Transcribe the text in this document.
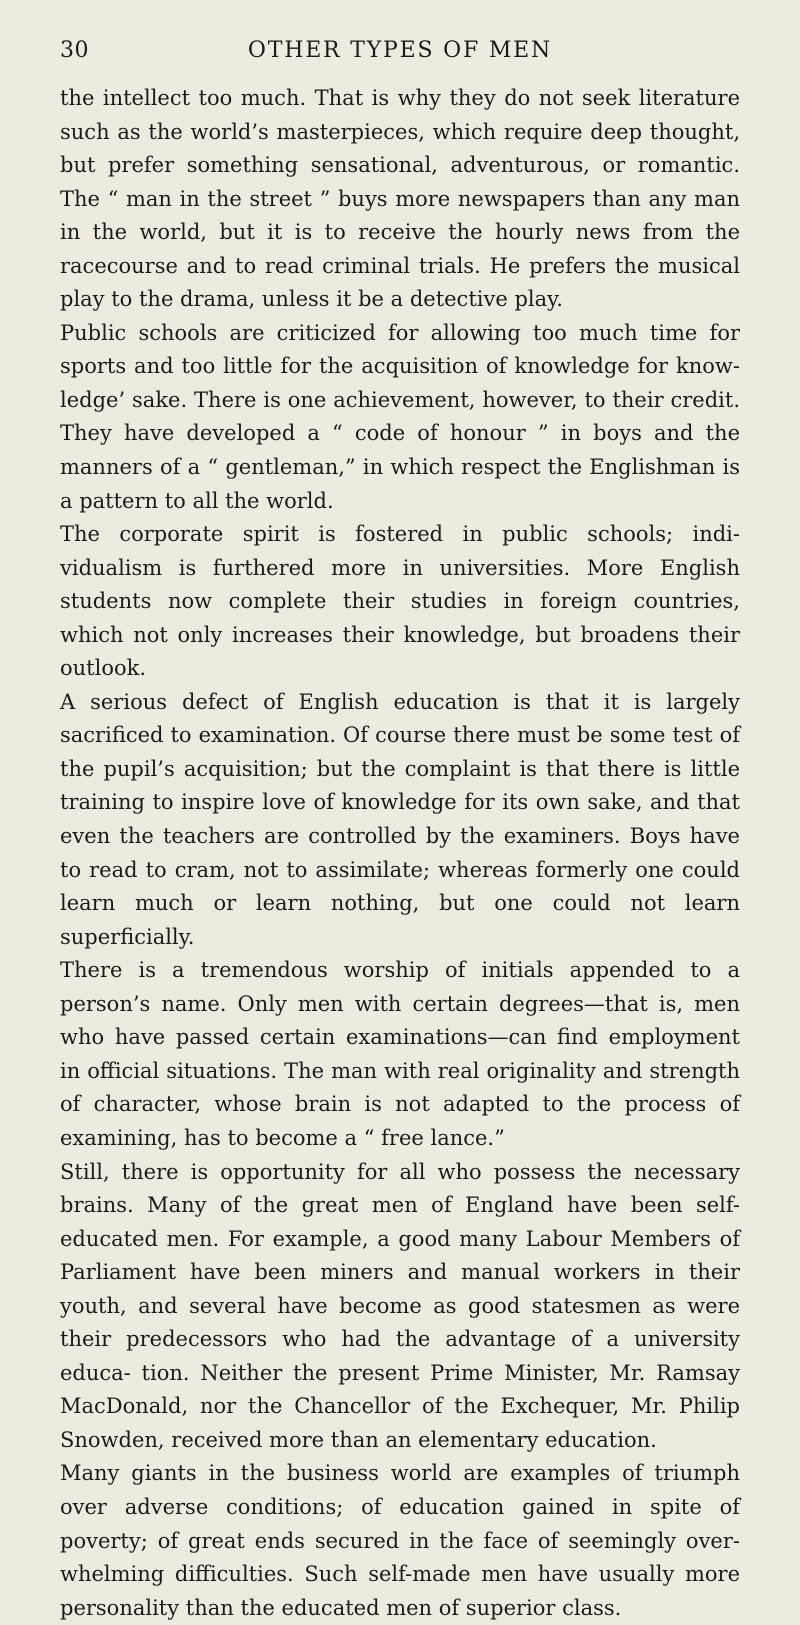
30	OTHER TYPES OF MEN

the intellect too much. That is why they do not seek literature such as the world’s masterpieces, which require deep thought, but prefer something sensational, adventurous, or romantic. The “ man in the street ” buys more newspapers than any man in the world, but it is to receive the hourly news from the racecourse and to read criminal trials. He prefers the musical play to the drama, unless it be a detective play.

Public schools are criticized for allowing too much time for sports and too little for the acquisition of knowledge for know- ledge’ sake. There is one achievement, however, to their credit. They have developed a “ code of honour ” in boys and the manners of a “ gentleman,” in which respect the Englishman is a pattern to all the world.

The corporate spirit is fostered in public schools; indi- vidualism is furthered more in universities. More English students now complete their studies in foreign countries, which not only increases their knowledge, but broadens their outlook.

A serious defect of English education is that it is largely sacrificed to examination. Of course there must be some test of the pupil’s acquisition; but the complaint is that there is little training to inspire love of knowledge for its own sake, and that even the teachers are controlled by the examiners. Boys have to read to cram, not to assimilate; whereas formerly one could learn much or learn nothing, but one could not learn superficially.

There is a tremendous worship of initials appended to a person’s name. Only men with certain degrees—that is, men who have passed certain examinations—can find employment in official situations. The man with real originality and strength of character, whose brain is not adapted to the process of examining, has to become a “ free lance.”

Still, there is opportunity for all who possess the necessary brains. Many of the great men of England have been self- educated men. For example, a good many Labour Members of Parliament have been miners and manual workers in their youth, and several have become as good statesmen as were their predecessors who had the advantage of a university educa- tion. Neither the present Prime Minister, Mr. Ramsay MacDonald, nor the Chancellor of the Exchequer, Mr. Philip Snowden, received more than an elementary education.

Many giants in the business world are examples of triumph over adverse conditions; of education gained in spite of poverty; of great ends secured in the face of seemingly over- whelming difficulties. Such self-made men have usually more personality than the educated men of superior class.
